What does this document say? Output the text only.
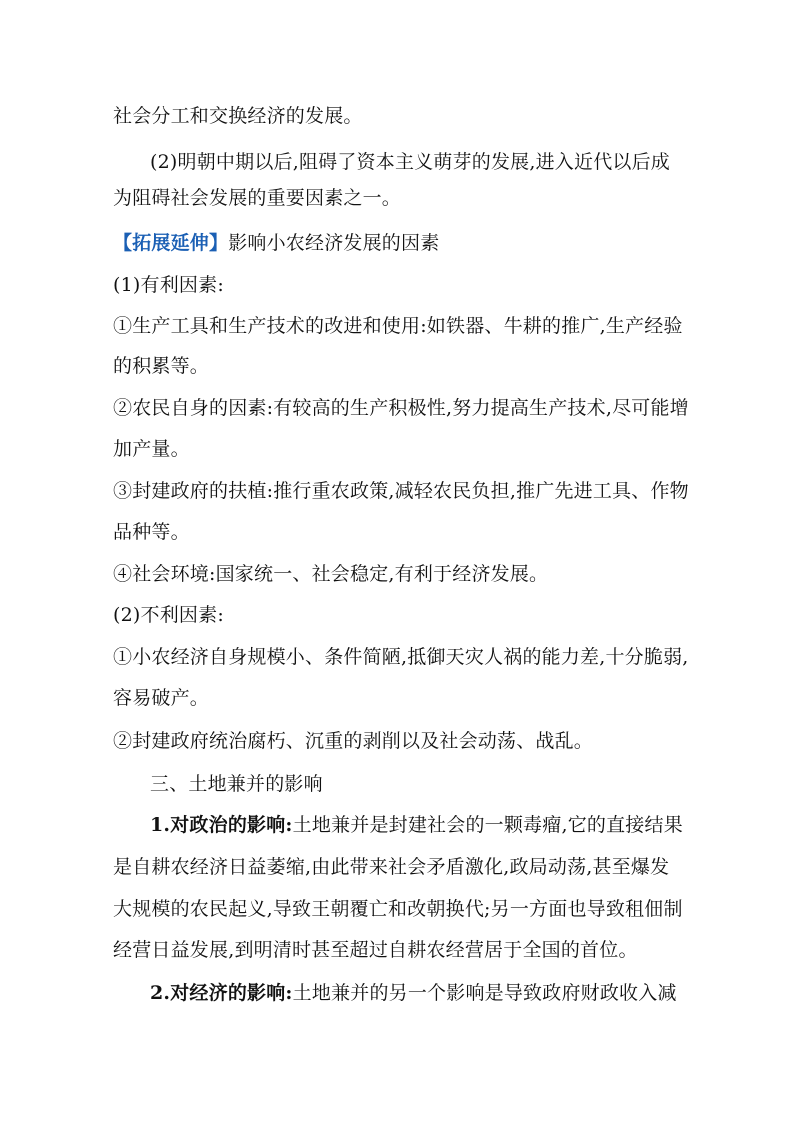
社会分工和交换经济的发展。
(2)明朝中期以后,阻碍了资本主义萌芽的发展,进入近代以后成
为阻碍社会发展的重要因素之一。
【拓展延伸】影响小农经济发展的因素
(1)有利因素:
①生产工具和生产技术的改进和使用:如铁器、牛耕的推广,生产经验
的积累等。
②农民自身的因素:有较高的生产积极性,努力提高生产技术,尽可能增
加产量。
③封建政府的扶植:推行重农政策,减轻农民负担,推广先进工具、作物
品种等。
④社会环境:国家统一、社会稳定,有利于经济发展。
(2)不利因素:
①小农经济自身规模小、条件简陋,抵御天灾人祸的能力差,十分脆弱,
容易破产。
②封建政府统治腐朽、沉重的剥削以及社会动荡、战乱。
三、土地兼并的影响
1.对政治的影响:土地兼并是封建社会的一颗毒瘤,它的直接结果
是自耕农经济日益萎缩,由此带来社会矛盾激化,政局动荡,甚至爆发
大规模的农民起义,导致王朝覆亡和改朝换代;另一方面也导致租佃制
经营日益发展,到明清时甚至超过自耕农经营居于全国的首位。
2.对经济的影响:土地兼并的另一个影响是导致政府财政收入减
